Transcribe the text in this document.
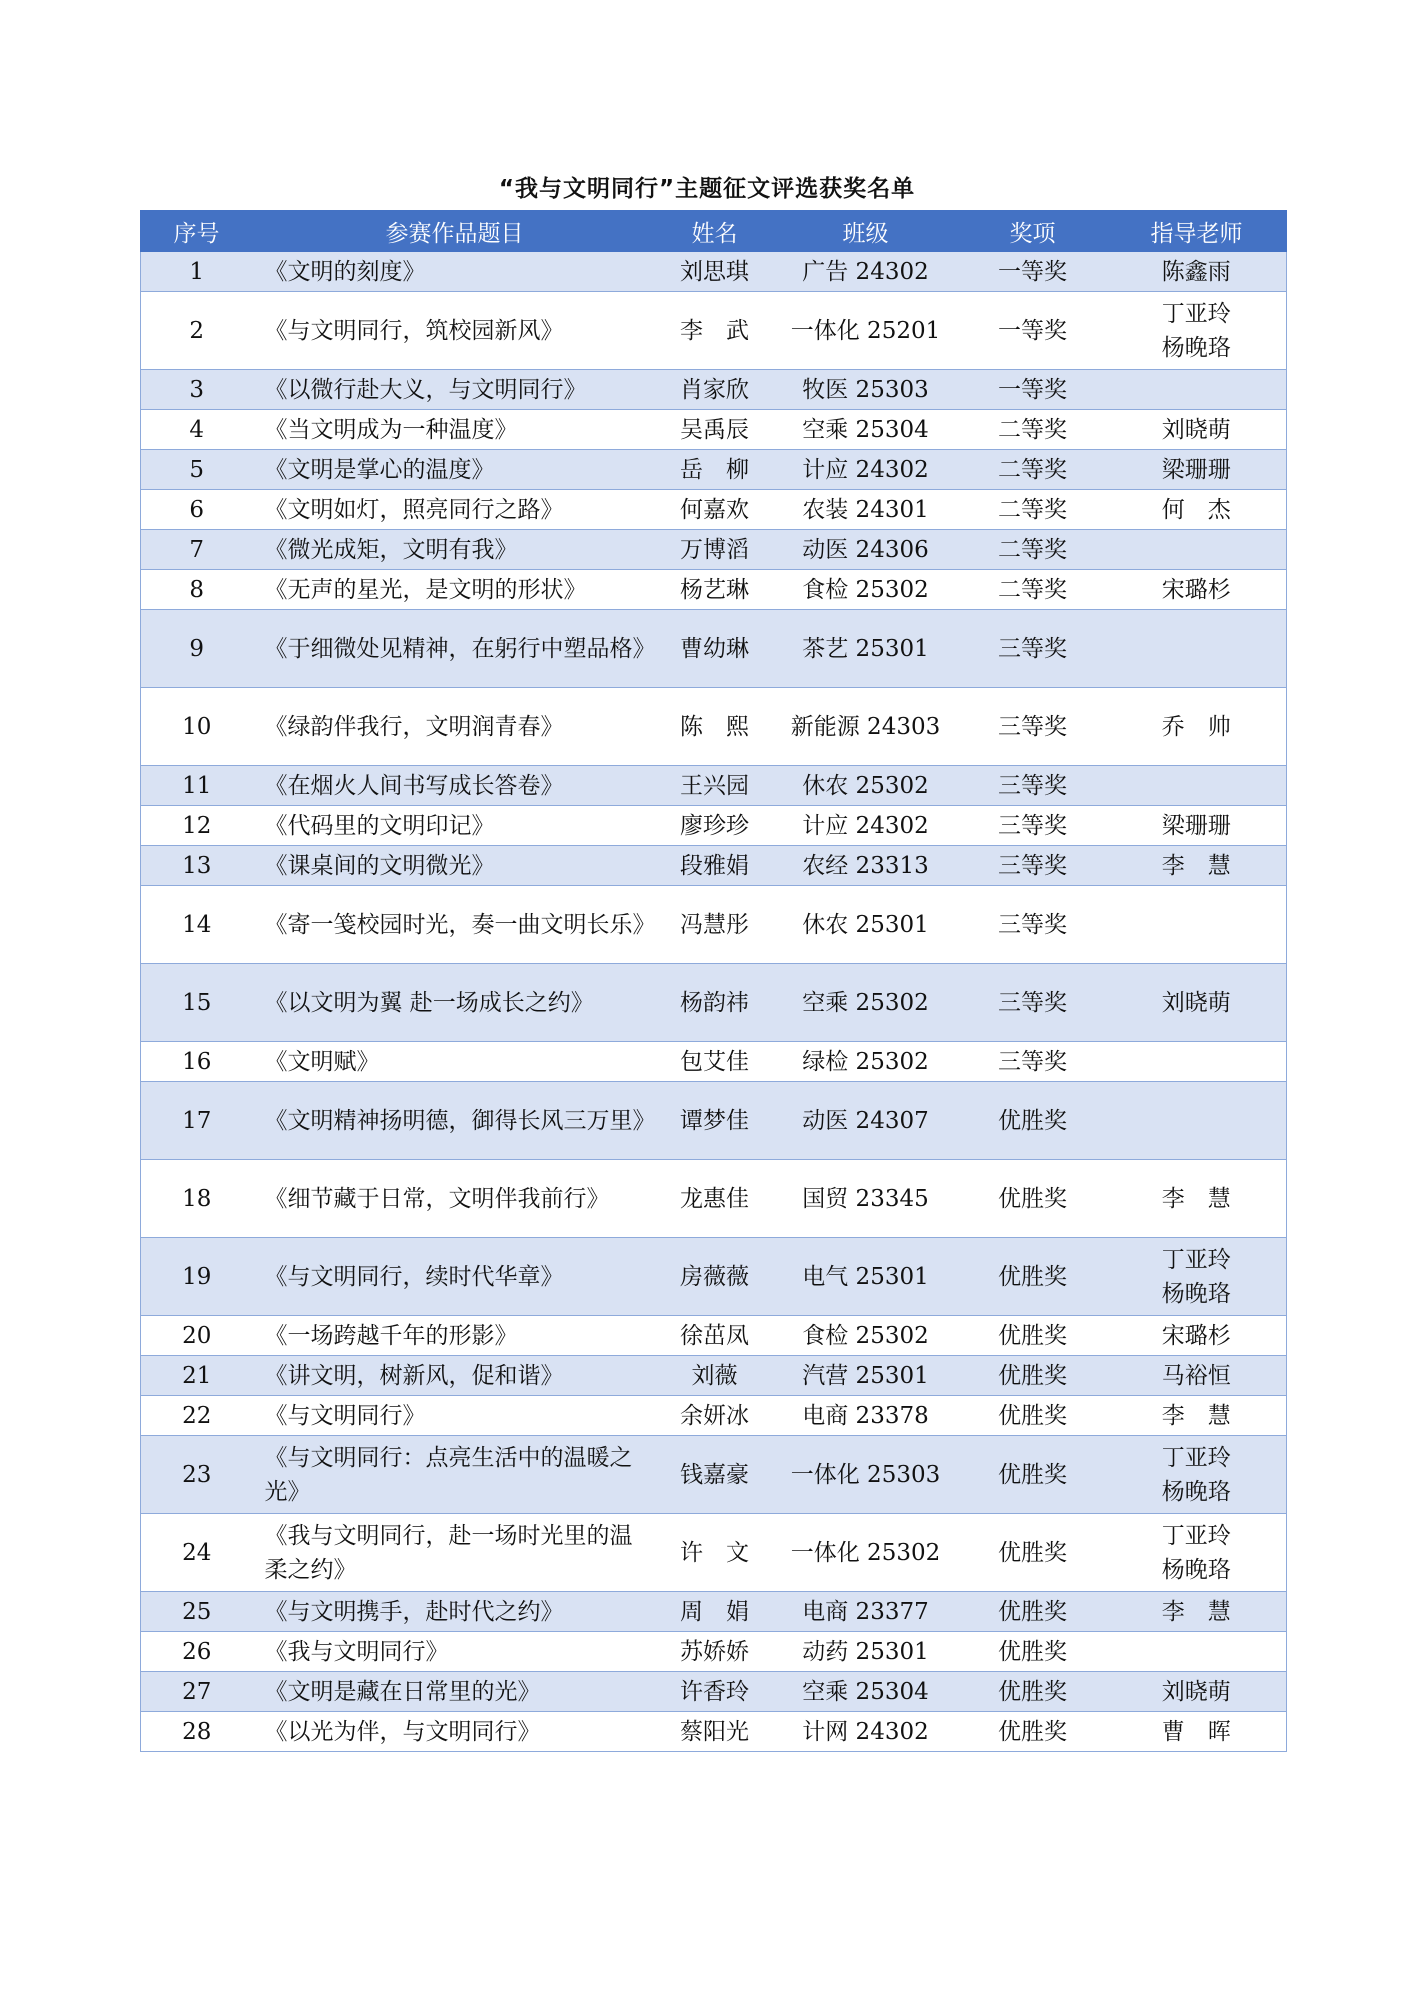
“我与文明同行”主题征文评选获奖名单
序号	参赛作品题目	姓名	班级	奖项	指导老师
1	《文明的刻度》	刘思琪	广告 24302	一等奖	陈鑫雨

2	《与文明同行，筑校园新风》	李　武	一体化 25201	一等奖	丁亚玲
杨晚珞

3	《以微行赴大义，与文明同行》	肖家欣	牧医 25303	一等奖	
4	《当文明成为一种温度》	吴禹辰	空乘 25304	二等奖	刘晓萌

5	《文明是掌心的温度》	岳　柳	计应 24302	二等奖	梁珊珊

6	《文明如灯，照亮同行之路》	何嘉欢	农装 24301	二等奖	何　杰

7	《微光成矩，文明有我》	万博滔	动医 24306	二等奖	
8	《无声的星光，是文明的形状》	杨艺琳	食检 25302	二等奖	宋璐杉

9	《于细微处见精神，在躬行中塑品格》	曹幼琳	茶艺 25301	三等奖	
10	《绿韵伴我行，文明润青春》	陈　熙	新能源 24303	三等奖	乔　帅

11	《在烟火人间书写成长答卷》	王兴园	休农 25302	三等奖	
12	《代码里的文明印记》	廖珍珍	计应 24302	三等奖	梁珊珊

13	《课桌间的文明微光》	段雅娟	农经 23313	三等奖	李　慧

14	《寄一笺校园时光，奏一曲文明长乐》	冯慧彤	休农 25301	三等奖	
15	《以文明为翼 赴一场成长之约》	杨韵祎	空乘 25302	三等奖	刘晓萌

16	《文明赋》	包艾佳	绿检 25302	三等奖	
17	《文明精神扬明德，御得长风三万里》	谭梦佳	动医 24307	优胜奖	
18	《细节藏于日常，文明伴我前行》	龙惠佳	国贸 23345	优胜奖	李　慧

19	《与文明同行，续时代华章》	房薇薇	电气 25301	优胜奖	丁亚玲
杨晚珞

20	《一场跨越千年的形影》	徐茁凤	食检 25302	优胜奖	宋璐杉

21	《讲文明，树新风，促和谐》	刘薇	汽营 25301	优胜奖	马裕恒

22	《与文明同行》	余妍冰	电商 23378	优胜奖	李　慧

23	《与文明同行：点亮生活中的温暖之光》	钱嘉豪	一体化 25303	优胜奖	丁亚玲
杨晚珞

24	《我与文明同行，赴一场时光里的温柔之约》	许　文	一体化 25302	优胜奖	丁亚玲
杨晚珞

25	《与文明携手，赴时代之约》	周　娟	电商 23377	优胜奖	李　慧

26	《我与文明同行》	苏娇娇	动药 25301	优胜奖	
27	《文明是藏在日常里的光》	许香玲	空乘 25304	优胜奖	刘晓萌

28	《以光为伴，与文明同行》	蔡阳光	计网 24302	优胜奖	曹　晖
